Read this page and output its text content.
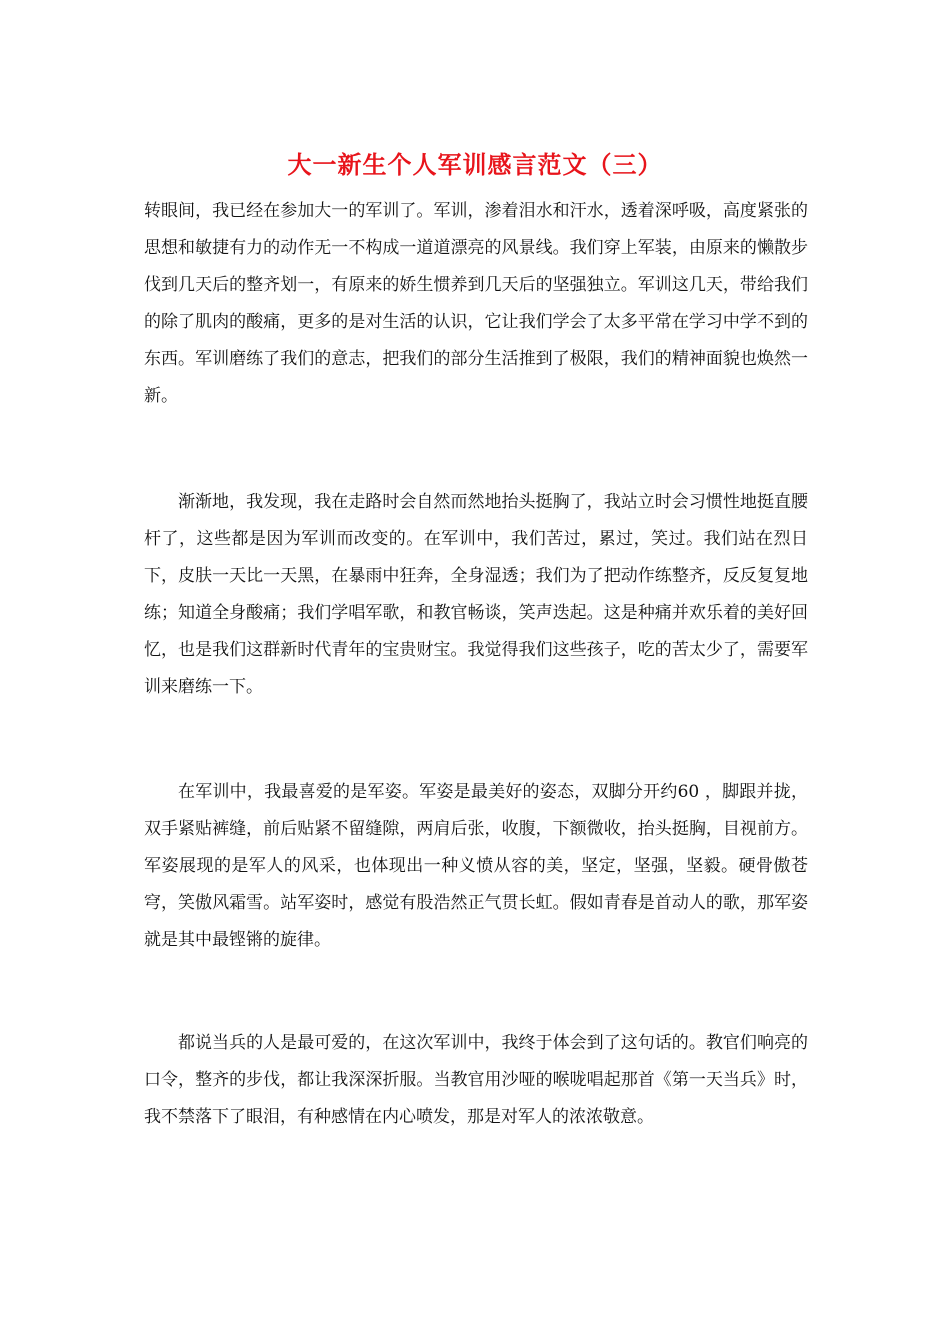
大一新生个人军训感言范文（三）

转眼间，我已经在参加大一的军训了。军训，渗着泪水和汗水，透着深呼吸，高度紧张的思想和敏捷有力的动作无一不构成一道道漂亮的风景线。我们穿上军装，由原来的懒散步伐到几天后的整齐划一，有原来的娇生惯养到几天后的坚强独立。军训这几天，带给我们的除了肌肉的酸痛，更多的是对生活的认识，它让我们学会了太多平常在学习中学不到的东西。军训磨练了我们的意志，把我们的部分生活推到了极限，我们的精神面貌也焕然一新。

渐渐地，我发现，我在走路时会自然而然地抬头挺胸了，我站立时会习惯性地挺直腰杆了，这些都是因为军训而改变的。在军训中，我们苦过，累过，笑过。我们站在烈日下，皮肤一天比一天黑，在暴雨中狂奔，全身湿透；我们为了把动作练整齐，反反复复地练；知道全身酸痛；我们学唱军歌，和教官畅谈，笑声迭起。这是种痛并欢乐着的美好回忆，也是我们这群新时代青年的宝贵财宝。我觉得我们这些孩子，吃的苦太少了，需要军训来磨练一下。

在军训中，我最喜爱的是军姿。军姿是最美好的姿态，双脚分开约60 ，脚跟并拢，双手紧贴裤缝，前后贴紧不留缝隙，两肩后张，收腹，下额微收，抬头挺胸，目视前方。军姿展现的是军人的风采，也体现出一种义愤从容的美，坚定，坚强，坚毅。硬骨傲苍穹，笑傲风霜雪。站军姿时，感觉有股浩然正气贯长虹。假如青春是首动人的歌，那军姿就是其中最铿锵的旋律。

都说当兵的人是最可爱的，在这次军训中，我终于体会到了这句话的。教官们响亮的口令，整齐的步伐，都让我深深折服。当教官用沙哑的喉咙唱起那首《第一天当兵》时，我不禁落下了眼泪，有种感情在内心喷发，那是对军人的浓浓敬意。
